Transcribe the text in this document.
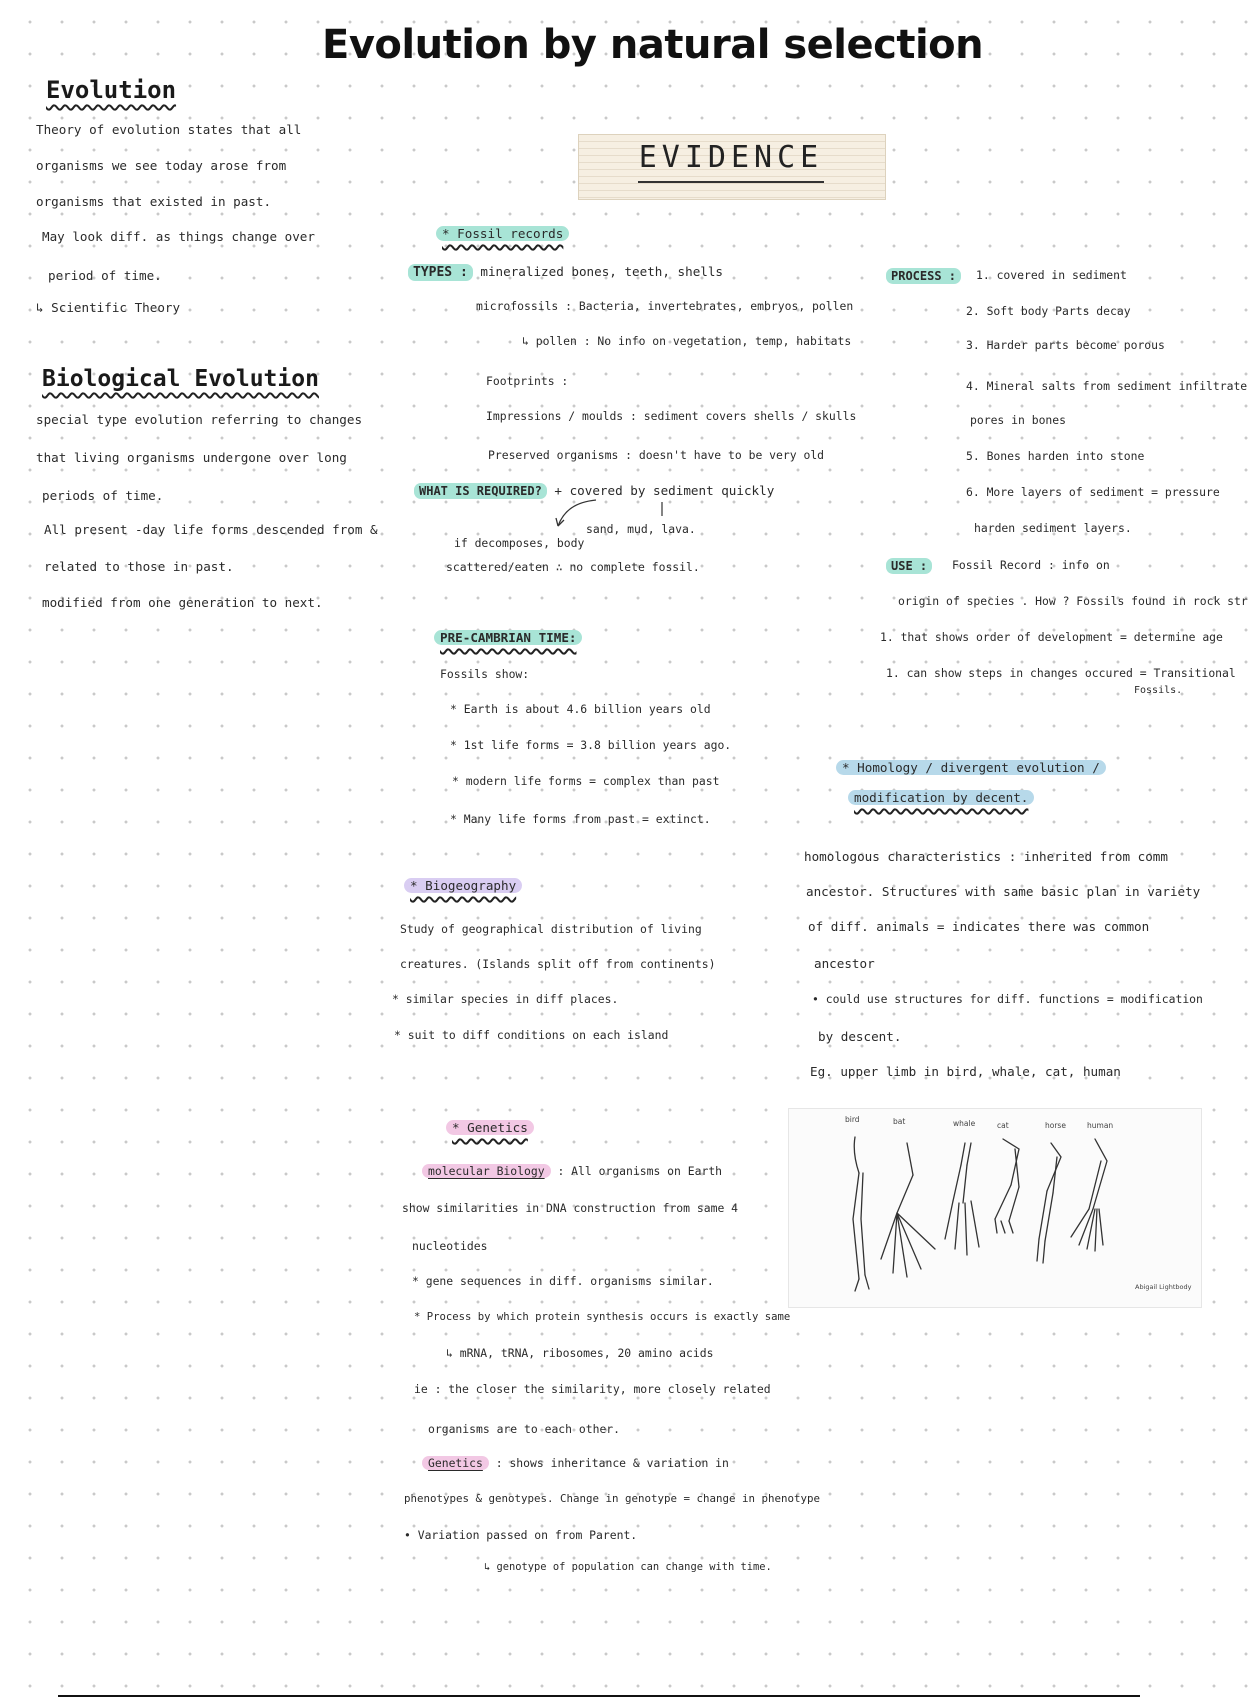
Evolution by natural selection
Evolution
Theory of evolution states that all
organisms we see today arose from
organisms that existed in past.
May look diff. as things change over
period of time.
↳ Scientific Theory
Biological Evolution
special type evolution referring to changes
that living organisms undergone over long
periods of time.
All present -day life forms descended from &
related to those in past.
modified from one generation to next.
EVIDENCE
* Fossil records
TYPES : mineralized bones, teeth, shells
microfossils : Bacteria, invertebrates, embryos, pollen
↳ pollen : No info on vegetation, temp, habitats
Footprints :
Impressions / moulds : sediment covers shells / skulls
Preserved organisms : doesn't have to be very old
WHAT IS REQUIRED? + covered by sediment quickly
sand, mud, lava.
if decomposes, body
scattered/eaten ∴ no complete fossil.
PROCESS :	1. covered in sediment
2. Soft body Parts decay
3. Harder parts become porous
4. Mineral salts from sediment infiltrate
pores in bones
5. Bones harden into stone
6. More layers of sediment = pressure
harden sediment layers.
USE :	Fossil Record : info on
origin of species . How ? Fossils found in rock str
1. that shows order of development = determine age
1. can show steps in changes occured = Transitional
Fossils.
PRE-CAMBRIAN TIME:
Fossils show:
* Earth is about 4.6 billion years old
* 1st life forms = 3.8 billion years ago.
* modern life forms = complex than past
* Many life forms from past = extinct.
* Homology / divergent evolution /
modification by decent.
homologous characteristics : inherited from comm
ancestor. Structures with same basic plan in variety
of diff. animals = indicates there was common
ancestor
• could use structures for diff. functions = modification
by descent.
Eg. upper limb in bird, whale, cat, human
* Biogeography
Study of geographical distribution of living
creatures. (Islands split off from continents)
* similar species in diff places.
* suit to diff conditions on each island
* Genetics
molecular Biology : All organisms on Earth
show similarities in DNA construction from same 4
nucleotides
* gene sequences in diff. organisms similar.
* Process by which protein synthesis occurs is exactly same
↳ mRNA, tRNA, ribosomes, 20 amino acids
ie : the closer the similarity, more closely related
organisms are to each other.
Genetics : shows inheritance & variation in
phenotypes & genotypes. Change in genotype = change in phenotype
• Variation passed on from Parent.
↳ genotype of population can change with time.
bird	bat	whale	cat	horse	human
Abigail Lightbody
